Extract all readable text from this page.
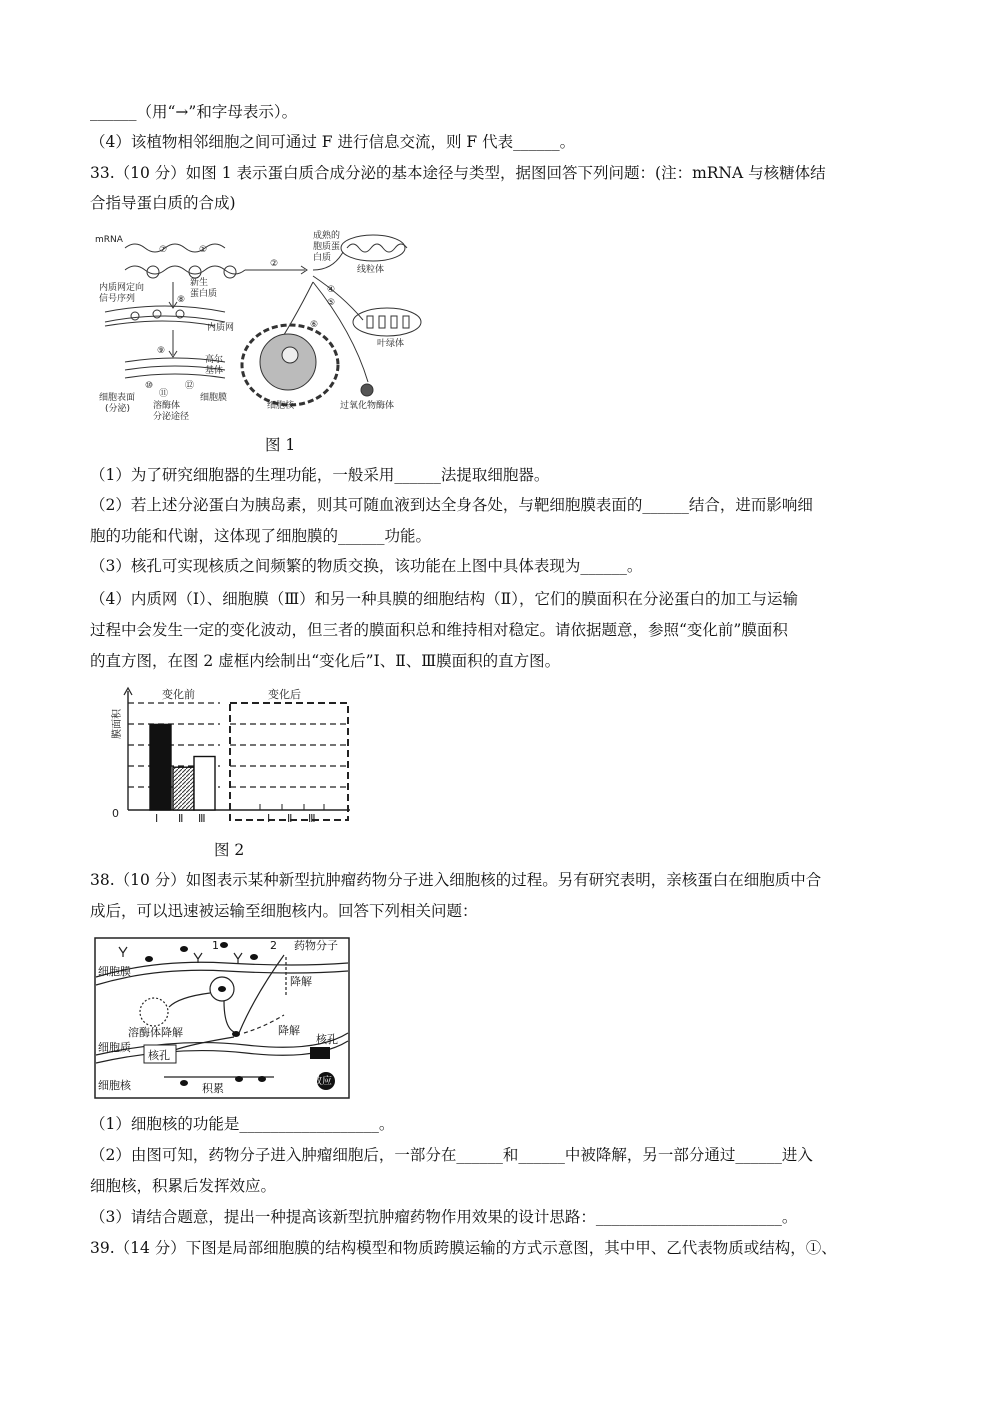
______（用“→”和字母表示）。
（4）该植物相邻细胞之间可通过 F 进行信息交流，则 F 代表______。
33.（10 分）如图 1 表示蛋白质合成分泌的基本途径与类型，据图回答下列问题：(注：mRNA 与核糖体结
合指导蛋白质的合成)
mRNA
⑦	①
②
成熟的
胞质蛋
白质
线粒体
④
⑤
⑥
新生
蛋白质
内质网定向
信号序列	⑧
内质网
叶绿体
⑨
高尔
基体
⑩
⑪
⑫
细胞表面
(分泌)	溶酶体
分泌途径
细胞膜
细胞核	过氧化物酶体
图 1
（1）为了研究细胞器的生理功能，一般采用______法提取细胞器。
（2）若上述分泌蛋白为胰岛素，则其可随血液到达全身各处，与靶细胞膜表面的______结合，进而影响细
胞的功能和代谢，这体现了细胞膜的______功能。
（3）核孔可实现核质之间频繁的物质交换，该功能在上图中具体表现为______。
（4）内质网（Ⅰ）、细胞膜（Ⅲ）和另一种具膜的细胞结构（Ⅱ），它们的膜面积在分泌蛋白的加工与运输
过程中会发生一定的变化波动，但三者的膜面积总和维持相对稳定。请依据题意，参照“变化前”膜面积
的直方图，在图 2 虚框内绘制出“变化后”Ⅰ、Ⅱ、Ⅲ膜面积的直方图。
变化前	变化后
0
膜面积
Ⅰ Ⅱ Ⅲ	Ⅰ Ⅱ Ⅲ
图 2
38.（10 分）如图表示某种新型抗肿瘤药物分子进入细胞核的过程。另有研究表明，亲核蛋白在细胞质中合
成后，可以迅速被运输至细胞核内。回答下列相关问题：
1	2 药物分子
细胞膜
降解
溶酶体降解	降解
细胞质
核孔
核孔
细胞核	积累
效应
（1）细胞核的功能是__________________。
（2）由图可知，药物分子进入肿瘤细胞后，一部分在______和______中被降解，另一部分通过______进入
细胞核，积累后发挥效应。
（3）请结合题意，提出一种提高该新型抗肿瘤药物作用效果的设计思路：________________________。
39.（14 分）下图是局部细胞膜的结构模型和物质跨膜运输的方式示意图，其中甲、乙代表物质或结构，①、
